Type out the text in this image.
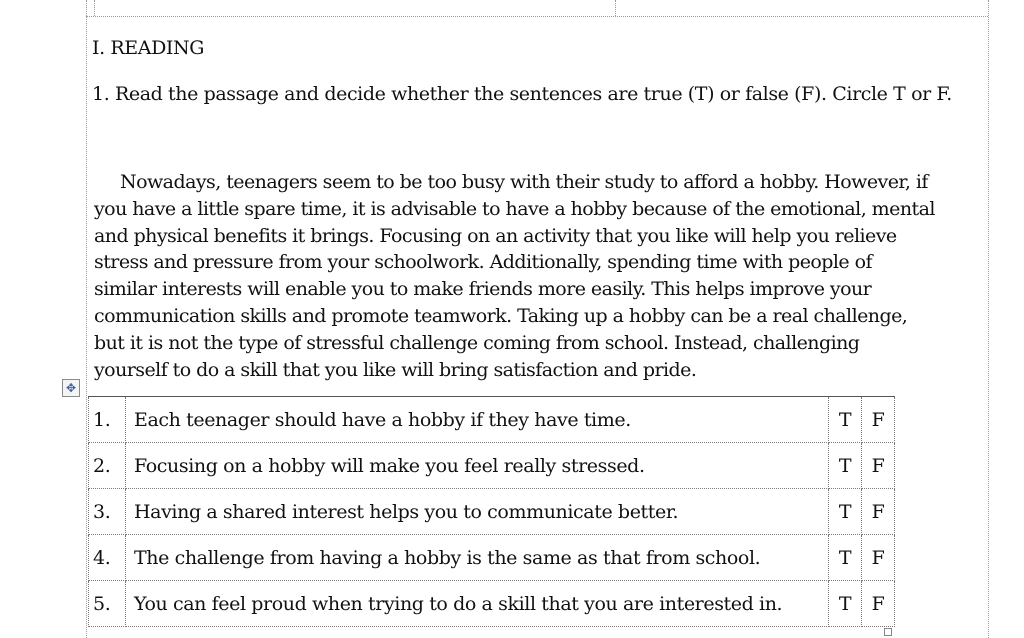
I. READING
1. Read the passage and decide whether the sentences are true (T) or false (F). Circle T or F.
Nowadays, teenagers seem to be too busy with their study to afford a hobby. However, if
you have a little spare time, it is advisable to have a hobby because of the emotional, mental
and physical benefits it brings. Focusing on an activity that you like will help you relieve
stress and pressure from your schoolwork. Additionally, spending time with people of
similar interests will enable you to make friends more easily. This helps improve your
communication skills and promote teamwork. Taking up a hobby can be a real challenge,
but it is not the type of stressful challenge coming from school. Instead, challenging
yourself to do a skill that you like will bring satisfaction and pride.
✥
1.	Each teenager should have a hobby if they have time.	T	F
2.	Focusing on a hobby will make you feel really stressed.	T	F
3.	Having a shared interest helps you to communicate better.	T	F
4.	The challenge from having a hobby is the same as that from school.	T	F
5.	You can feel proud when trying to do a skill that you are interested in.	T	F
